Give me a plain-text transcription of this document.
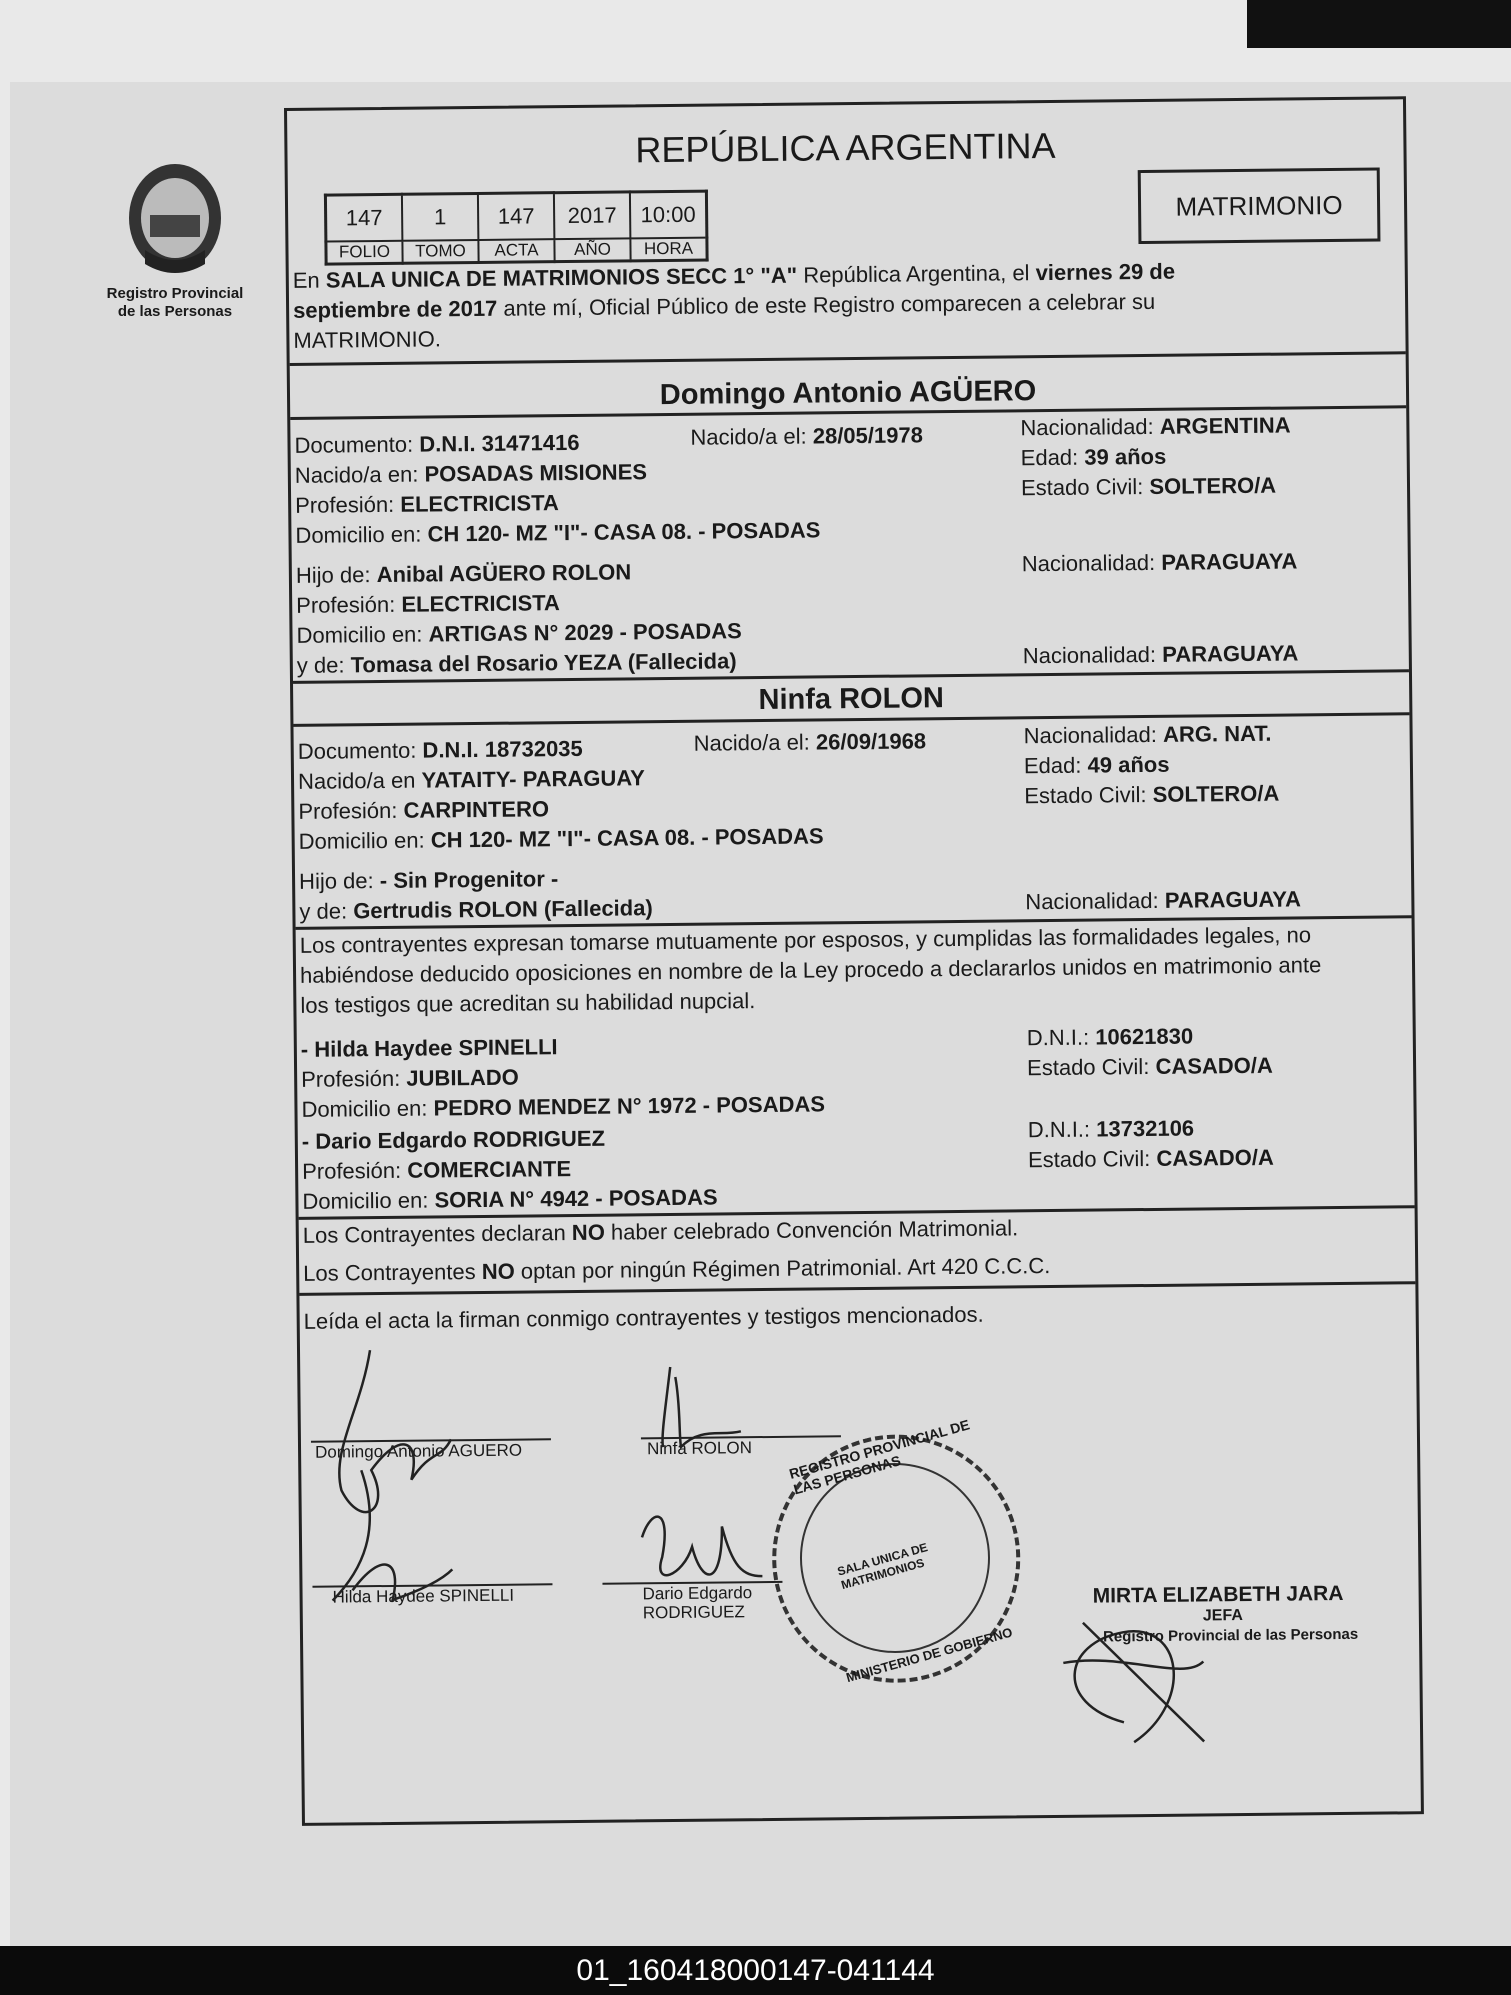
Registro Provincial
de las Personas
REPÚBLICA ARGENTINA
147	1	147	2017	10:00
FOLIO	TOMO	ACTA	AÑO	HORA
MATRIMONIO
En SALA UNICA DE MATRIMONIOS SECC 1° "A" República Argentina, el viernes 29 de
septiembre de 2017 ante mí, Oficial Público de este Registro comparecen a celebrar su
MATRIMONIO.
Domingo Antonio AGÜERO
Documento: D.N.I. 31471416	Nacido/a el: 28/05/1978	Nacionalidad: ARGENTINA
Edad: 39 años
Estado Civil: SOLTERO/A
Nacido/a en: POSADAS MISIONES
Profesión: ELECTRICISTA
Domicilio en: CH 120- MZ "I"- CASA 08. - POSADAS
Hijo de: Anibal AGÜERO ROLON	Nacionalidad: PARAGUAYA
Profesión: ELECTRICISTA
Domicilio en: ARTIGAS N° 2029 - POSADAS
y de: Tomasa del Rosario YEZA (Fallecida)	Nacionalidad: PARAGUAYA
Ninfa ROLON
Documento: D.N.I. 18732035	Nacido/a el: 26/09/1968	Nacionalidad: ARG. NAT.
Edad: 49 años
Estado Civil: SOLTERO/A
Nacido/a en YATAITY- PARAGUAY
Profesión: CARPINTERO
Domicilio en: CH 120- MZ "I"- CASA 08. - POSADAS
Hijo de: - Sin Progenitor -
y de: Gertrudis ROLON (Fallecida)	Nacionalidad: PARAGUAYA
Los contrayentes expresan tomarse mutuamente por esposos, y cumplidas las formalidades legales, no
habiéndose deducido oposiciones en nombre de la Ley procedo a declararlos unidos en matrimonio ante
los testigos que acreditan su habilidad nupcial.
- Hilda Haydee SPINELLI	D.N.I.: 10621830
Profesión: JUBILADO	Estado Civil: CASADO/A
Domicilio en: PEDRO MENDEZ N° 1972 - POSADAS
- Dario Edgardo RODRIGUEZ	D.N.I.: 13732106
Profesión: COMERCIANTE	Estado Civil: CASADO/A
Domicilio en: SORIA N° 4942 - POSADAS
Los Contrayentes declaran NO haber celebrado Convención Matrimonial.
Los Contrayentes NO optan por ningún Régimen Patrimonial. Art 420 C.C.C.
Leída el acta la firman conmigo contrayentes y testigos mencionados.
Domingo Antonio AGUERO	Ninfa ROLON
Hilda Haydee SPINELLI	Dario Edgardo
RODRIGUEZ
REGISTRO PROVINCIAL DE LAS PERSONAS
SALA UNICA DE MATRIMONIOS
MINISTERIO DE GOBIERNO
MIRTA ELIZABETH JARA
JEFA
Registro Provincial de las Personas
01_160418000147-041144
